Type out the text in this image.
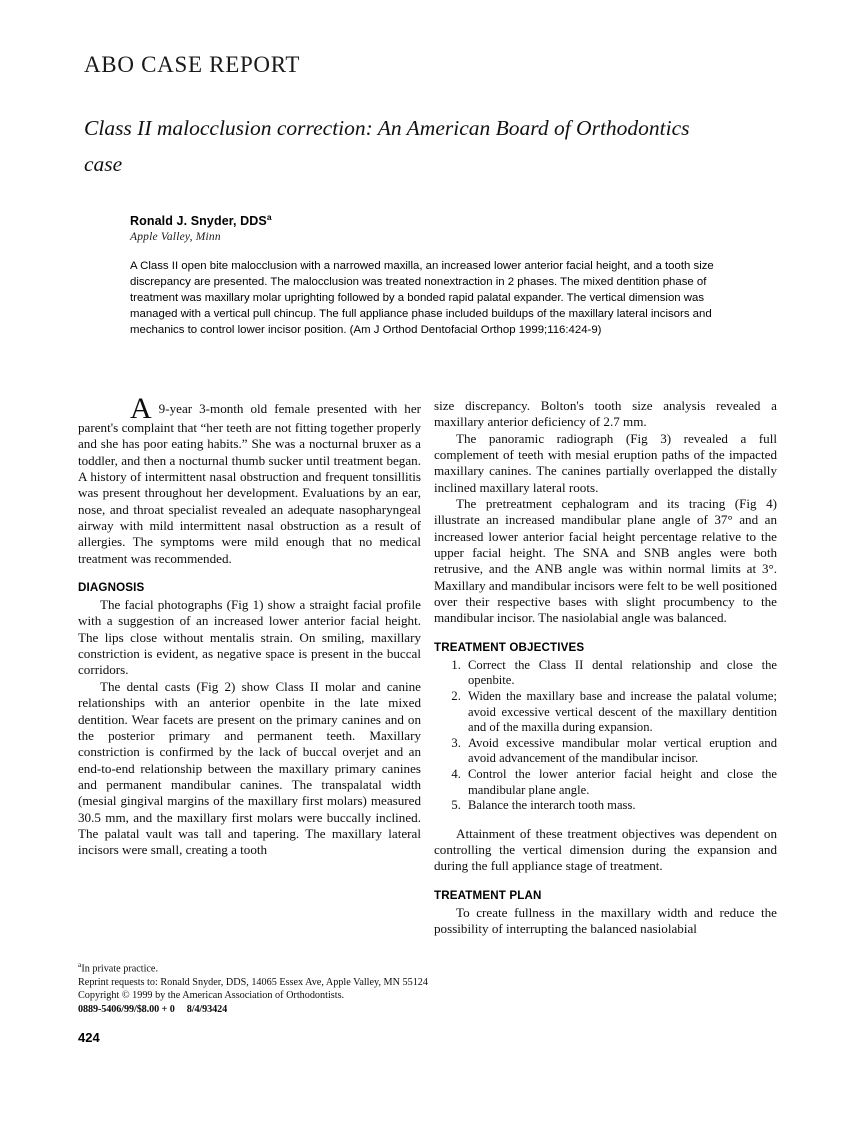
ABO CASE REPORT
Class II malocclusion correction: An American Board of Orthodontics case
Ronald J. Snyder, DDS$^a$
Apple Valley, Minn
A Class II open bite malocclusion with a narrowed maxilla, an increased lower anterior facial height, and a tooth size discrepancy are presented. The malocclusion was treated nonextraction in 2 phases. The mixed dentition phase of treatment was maxillary molar uprighting followed by a bonded rapid palatal expander. The vertical dimension was managed with a vertical pull chincup. The full appliance phase included buildups of the maxillary lateral incisors and mechanics to control lower incisor position. (Am J Orthod Dentofacial Orthop 1999;116:424-9)

A 9-year 3-month old female presented with her parent's complaint that “her teeth are not fitting together properly and she has poor eating habits.” She was a nocturnal bruxer as a toddler, and then a nocturnal thumb sucker until treatment began. A history of intermittent nasal obstruction and frequent tonsillitis was present throughout her development. Evaluations by an ear, nose, and throat specialist revealed an adequate nasopharyngeal airway with mild intermittent nasal obstruction as a result of allergies. The symptoms were mild enough that no medical treatment was recommended.

DIAGNOSIS

The facial photographs (Fig 1) show a straight facial profile with a suggestion of an increased lower anterior facial height. The lips close without mentalis strain. On smiling, maxillary constriction is evident, as negative space is present in the buccal corridors.

The dental casts (Fig 2) show Class II molar and canine relationships with an anterior openbite in the late mixed dentition. Wear facets are present on the primary canines and on the posterior primary and permanent teeth. Maxillary constriction is confirmed by the lack of buccal overjet and an end-to-end relationship between the maxillary primary canines and permanent mandibular canines. The transpalatal width (mesial gingival margins of the maxillary first molars) measured 30.5 mm, and the maxillary first molars were buccally inclined. The palatal vault was tall and tapering. The maxillary lateral incisors were small, creating a tooth

size discrepancy. Bolton's tooth size analysis revealed a maxillary anterior deficiency of 2.7 mm.

The panoramic radiograph (Fig 3) revealed a full complement of teeth with mesial eruption paths of the impacted maxillary canines. The canines partially overlapped the distally inclined maxillary lateral roots.

The pretreatment cephalogram and its tracing (Fig 4) illustrate an increased mandibular plane angle of 37° and an increased lower anterior facial height percentage relative to the upper facial height. The SNA and SNB angles were both retrusive, and the ANB angle was within normal limits at 3°. Maxillary and mandibular incisors were felt to be well positioned over their respective bases with slight procumbency to the mandibular incisor. The nasiolabial angle was balanced.

TREATMENT OBJECTIVES
1. Correct the Class II dental relationship and close the openbite.
2. Widen the maxillary base and increase the palatal volume; avoid excessive vertical descent of the maxillary dentition and of the maxilla during expansion.
3. Avoid excessive mandibular molar vertical eruption and avoid advancement of the mandibular incisor.
4. Control the lower anterior facial height and close the mandibular plane angle.
5. Balance the interarch tooth mass.

Attainment of these treatment objectives was dependent on controlling the vertical dimension during the expansion and during the full appliance stage of treatment.

TREATMENT PLAN

To create fullness in the maxillary width and reduce the possibility of interrupting the balanced nasiolabial

$^a$In private practice.

Reprint requests to: Ronald Snyder, DDS, 14065 Essex Ave, Apple Valley, MN 55124

Copyright © 1999 by the American Association of Orthodontists.

0889-5406/99/$8.00 + 0 8/4/93424

424
